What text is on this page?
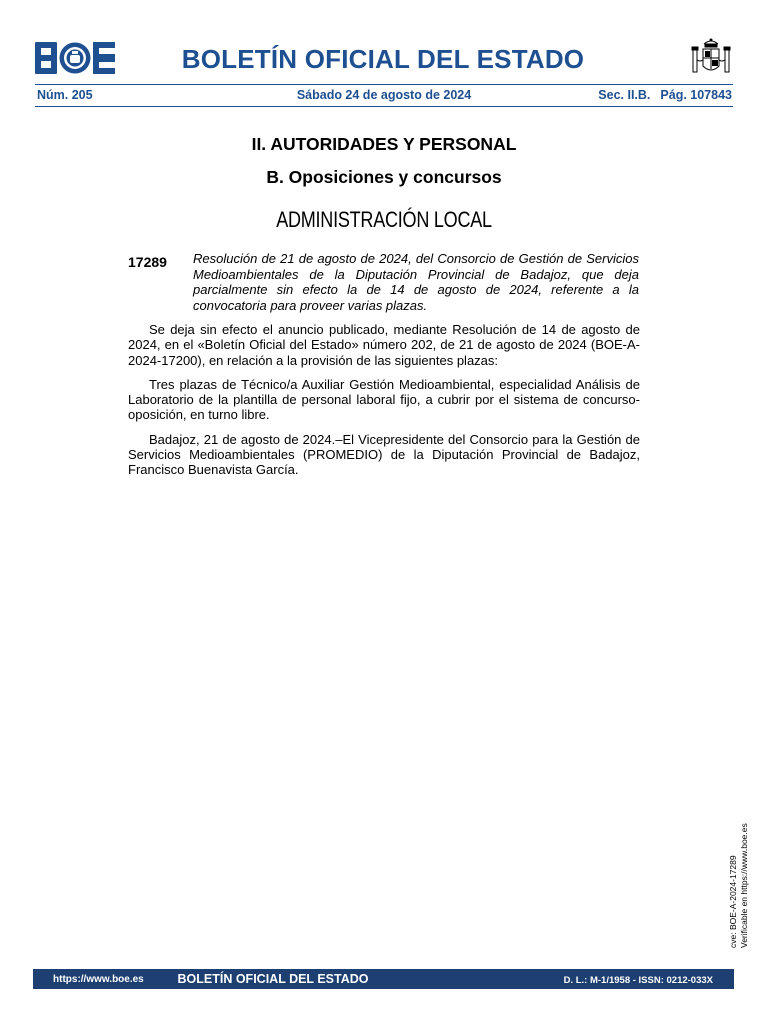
BOLETÍN OFICIAL DEL ESTADO
Núm. 205	Sábado 24 de agosto de 2024	Sec. II.B. Pág. 107843
II. AUTORIDADES Y PERSONAL
B. Oposiciones y concursos
ADMINISTRACIÓN LOCAL
17289 Resolución de 21 de agosto de 2024, del Consorcio de Gestión de Servicios Medioambientales de la Diputación Provincial de Badajoz, que deja parcialmente sin efecto la de 14 de agosto de 2024, referente a la convocatoria para proveer varias plazas.

Se deja sin efecto el anuncio publicado, mediante Resolución de 14 de agosto de 2024, en el «Boletín Oficial del Estado» número 202, de 21 de agosto de 2024 (BOE-A-2024-17200), en relación a la provisión de las siguientes plazas:

Tres plazas de Técnico/a Auxiliar Gestión Medioambiental, especialidad Análisis de Laboratorio de la plantilla de personal laboral fijo, a cubrir por el sistema de concurso-oposición, en turno libre.

Badajoz, 21 de agosto de 2024.–El Vicepresidente del Consorcio para la Gestión de Servicios Medioambientales (PROMEDIO) de la Diputación Provincial de Badajoz, Francisco Buenavista García.

cve: BOE-A-2024-17289 Verificable en https://www.boe.es
https://www.boe.es	BOLETÍN OFICIAL DEL ESTADO	D. L.: M-1/1958 - ISSN: 0212-033X
